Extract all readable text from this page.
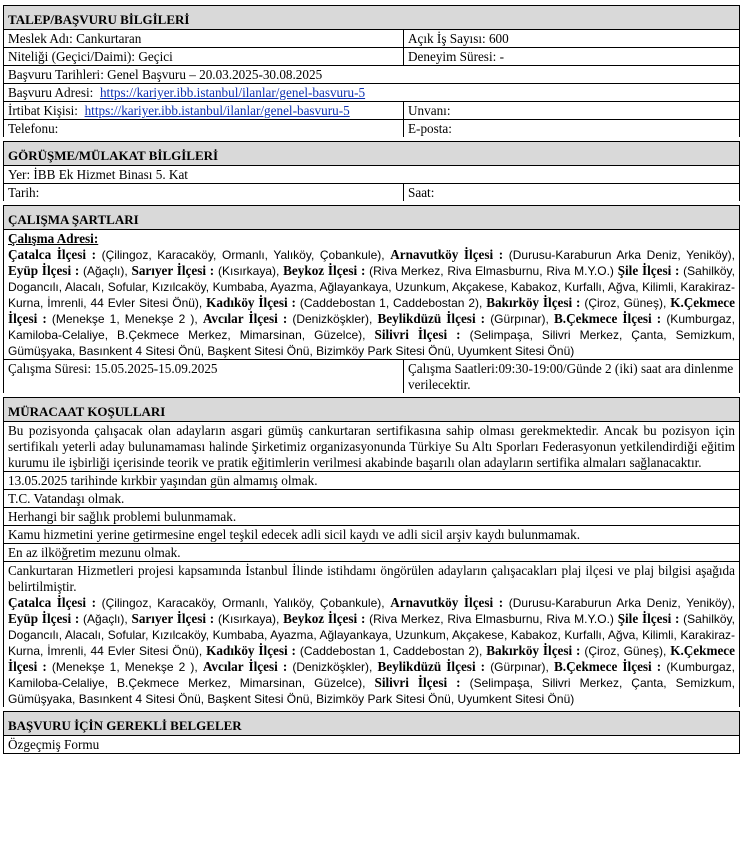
TALEP/BAŞVURU BİLGİLERİ
Meslek Adı: Cankurtaran	Açık İş Sayısı: 600
Niteliği (Geçici/Daimi): Geçici	Deneyim Süresi: -
Başvuru Tarihleri: Genel Başvuru – 20.03.2025-30.08.2025
Başvuru Adresi: https://kariyer.ibb.istanbul/ilanlar/genel-basvuru-5
İrtibat Kişisi: https://kariyer.ibb.istanbul/ilanlar/genel-basvuru-5	Unvanı:
Telefonu:	E-posta:
GÖRÜŞME/MÜLAKAT BİLGİLERİ
Yer: İBB Ek Hizmet Binası 5. Kat
Tarih:	Saat:
ÇALIŞMA ŞARTLARI
Çalışma Adresi:
Çatalca İlçesi : (Çilingoz, Karacaköy, Ormanlı, Yalıköy, Çobankule), Arnavutköy İlçesi : (Durusu-Karaburun Arka Deniz, Yeniköy), Eyüp İlçesi : (Ağaçlı), Sarıyer İlçesi : (Kısırkaya), Beykoz İlçesi : (Riva Merkez, Riva Elmasburnu, Riva M.Y.O.) Şile İlçesi : (Sahilköy, Dogancılı, Alacalı, Sofular, Kızılcaköy, Kumbaba, Ayazma, Ağlayankaya, Uzunkum, Akçakese, Kabakoz, Kurfallı, Ağva, Kilimli, Karakiraz-Kurna, İmrenli, 44 Evler Sitesi Önü), Kadıköy İlçesi : (Caddebostan 1, Caddebostan 2), Bakırköy İlçesi : (Çiroz, Güneş), K.Çekmece İlçesi : (Menekşe 1, Menekşe 2 ), Avcılar İlçesi : (Denizköşkler), Beylikdüzü İlçesi : (Gürpınar), B.Çekmece İlçesi : (Kumburgaz, Kamiloba-Celaliye, B.Çekmece Merkez, Mimarsinan, Güzelce), Silivri İlçesi : (Selimpaşa, Silivri Merkez, Çanta, Semizkum, Gümüşyaka, Basınkent 4 Sitesi Önü, Başkent Sitesi Önü, Bizimköy Park Sitesi Önü, Uyumkent Sitesi Önü)
Çalışma Süresi: 15.05.2025-15.09.2025	Çalışma Saatleri:09:30-19:00/Günde 2 (iki) saat ara dinlenme verilecektir.
MÜRACAAT KOŞULLARI
Bu pozisyonda çalışacak olan adayların asgari gümüş cankurtaran sertifikasına sahip olması gerekmektedir. Ancak bu pozisyon için sertifikalı yeterli aday bulunamaması halinde Şirketimiz organizasyonunda Türkiye Su Altı Sporları Federasyonun yetkilendirdiği eğitim kurumu ile işbirliği içerisinde teorik ve pratik eğitimlerin verilmesi akabinde başarılı olan adayların sertifika almaları sağlanacaktır.
13.05.2025 tarihinde kırkbir yaşından gün almamış olmak.
T.C. Vatandaşı olmak.
Herhangi bir sağlık problemi bulunmamak.
Kamu hizmetini yerine getirmesine engel teşkil edecek adli sicil kaydı ve adli sicil arşiv kaydı bulunmamak.
En az ilköğretim mezunu olmak.
Cankurtaran Hizmetleri projesi kapsamında İstanbul İlinde istihdamı öngörülen adayların çalışacakları plaj ilçesi ve plaj bilgisi aşağıda belirtilmiştir.
Çatalca İlçesi : (Çilingoz, Karacaköy, Ormanlı, Yalıköy, Çobankule), Arnavutköy İlçesi : (Durusu-Karaburun Arka Deniz, Yeniköy), Eyüp İlçesi : (Ağaçlı), Sarıyer İlçesi : (Kısırkaya), Beykoz İlçesi : (Riva Merkez, Riva Elmasburnu, Riva M.Y.O.) Şile İlçesi : (Sahilköy, Dogancılı, Alacalı, Sofular, Kızılcaköy, Kumbaba, Ayazma, Ağlayankaya, Uzunkum, Akçakese, Kabakoz, Kurfallı, Ağva, Kilimli, Karakiraz-Kurna, İmrenli, 44 Evler Sitesi Önü), Kadıköy İlçesi : (Caddebostan 1, Caddebostan 2), Bakırköy İlçesi : (Çiroz, Güneş), K.Çekmece İlçesi : (Menekşe 1, Menekşe 2 ), Avcılar İlçesi : (Denizköşkler), Beylikdüzü İlçesi : (Gürpınar), B.Çekmece İlçesi : (Kumburgaz, Kamiloba-Celaliye, B.Çekmece Merkez, Mimarsinan, Güzelce), Silivri İlçesi : (Selimpaşa, Silivri Merkez, Çanta, Semizkum, Gümüşyaka, Basınkent 4 Sitesi Önü, Başkent Sitesi Önü, Bizimköy Park Sitesi Önü, Uyumkent Sitesi Önü)
BAŞVURU İÇİN GEREKLİ BELGELER
Özgeçmiş Formu
